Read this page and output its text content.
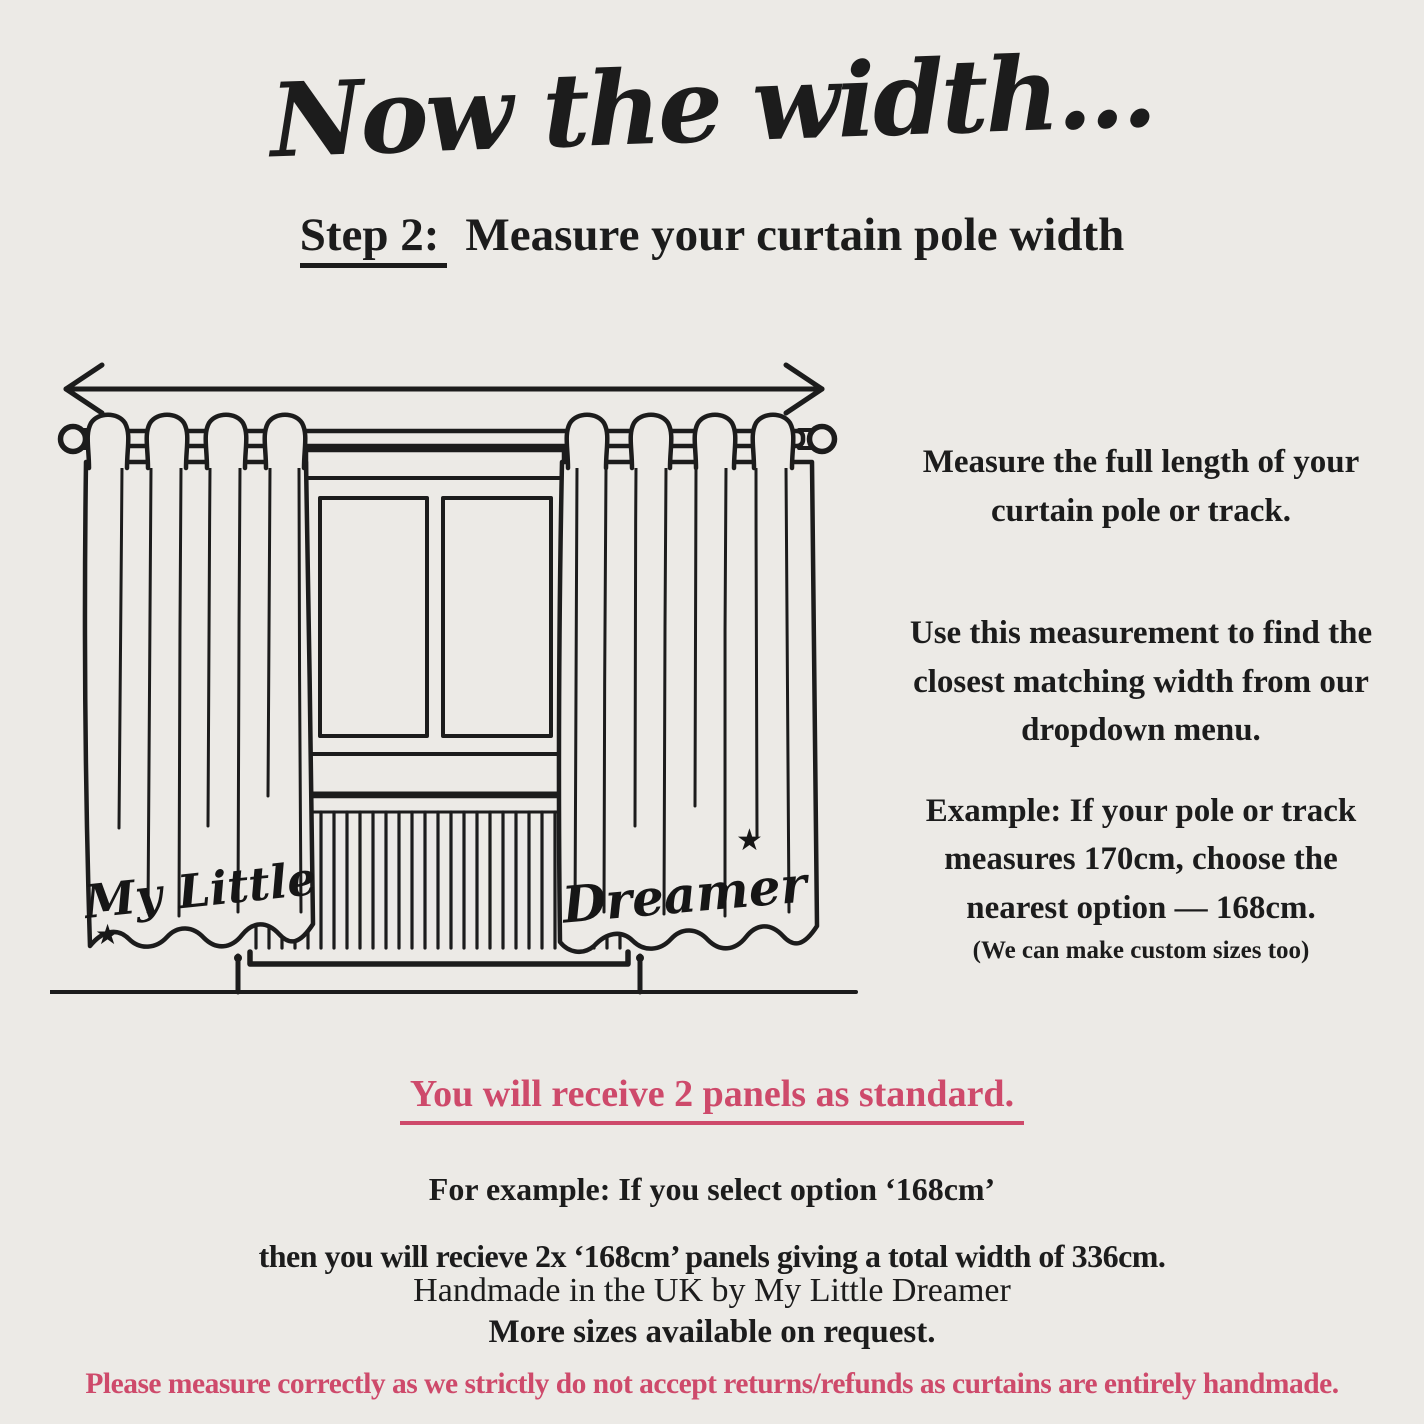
Now the width...
Step 2: Measure your curtain pole width
My Little	Dreamer
★
★

Measure the full length of your
curtain pole or track.

Use this measurement to find the
closest matching width from our
dropdown menu.

Example: If your pole or track
measures 170cm, choose the
nearest option — 168cm.

(We can make custom sizes too)

You will receive 2 panels as standard.
For example: If you select option ‘168cm’
then you will recieve 2x ‘168cm’ panels giving a total width of 336cm.
Handmade in the UK by My Little Dreamer
More sizes available on request.
Please measure correctly as we strictly do not accept returns/refunds as curtains are entirely handmade.
